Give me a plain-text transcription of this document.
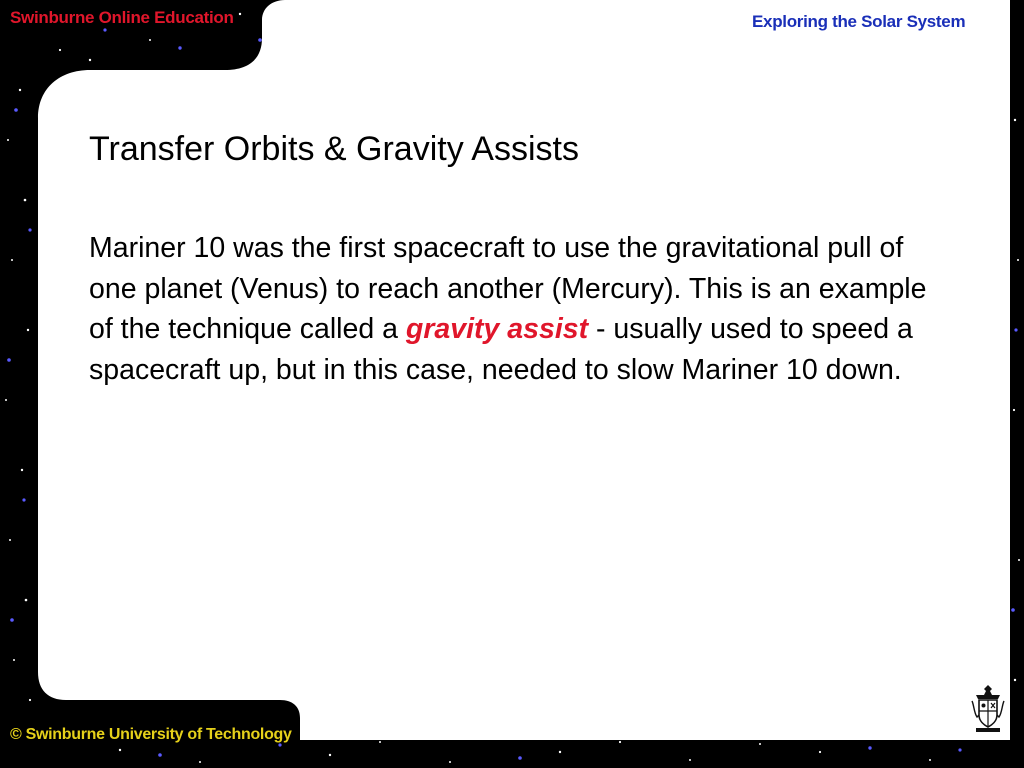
Swinburne Online Education	Exploring the Solar System
Transfer Orbits & Gravity Assists
Mariner 10 was the first spacecraft to use the gravitational pull of one planet (Venus) to reach another (Mercury). This is an example of the technique called a gravity assist - usually used to speed a spacecraft up, but in this case, needed to slow Mariner 10 down.
© Swinburne University of Technology
